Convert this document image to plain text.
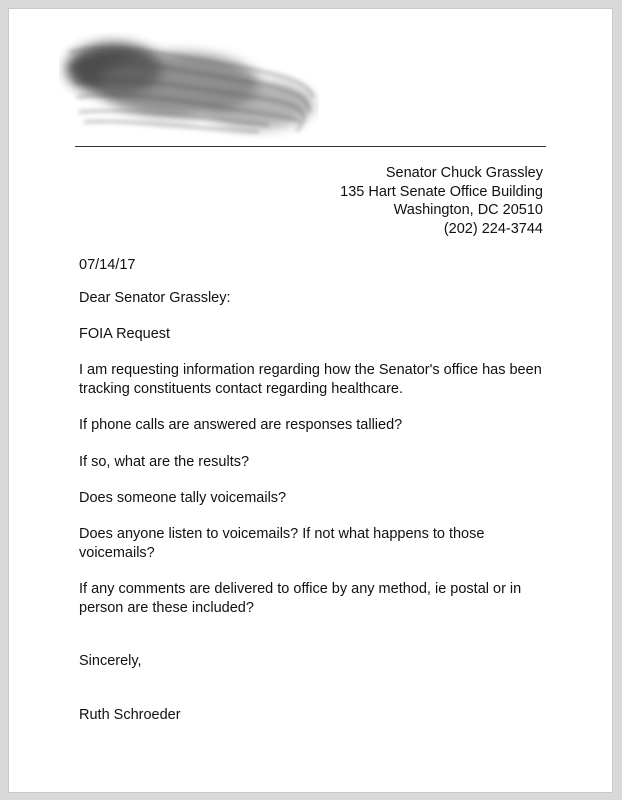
Senator Chuck Grassley
135 Hart Senate Office Building
Washington, DC 20510
(202) 224-3744

07/14/17

Dear Senator Grassley:

FOIA Request

I am requesting information regarding how the Senator's office has been tracking constituents contact regarding healthcare.

If phone calls are answered are responses tallied?

If so, what are the results?

Does someone tally voicemails?

Does anyone listen to voicemails? If not what happens to those voicemails?

If any comments are delivered to office by any method, ie postal or in person are these included?

Sincerely,

Ruth Schroeder
